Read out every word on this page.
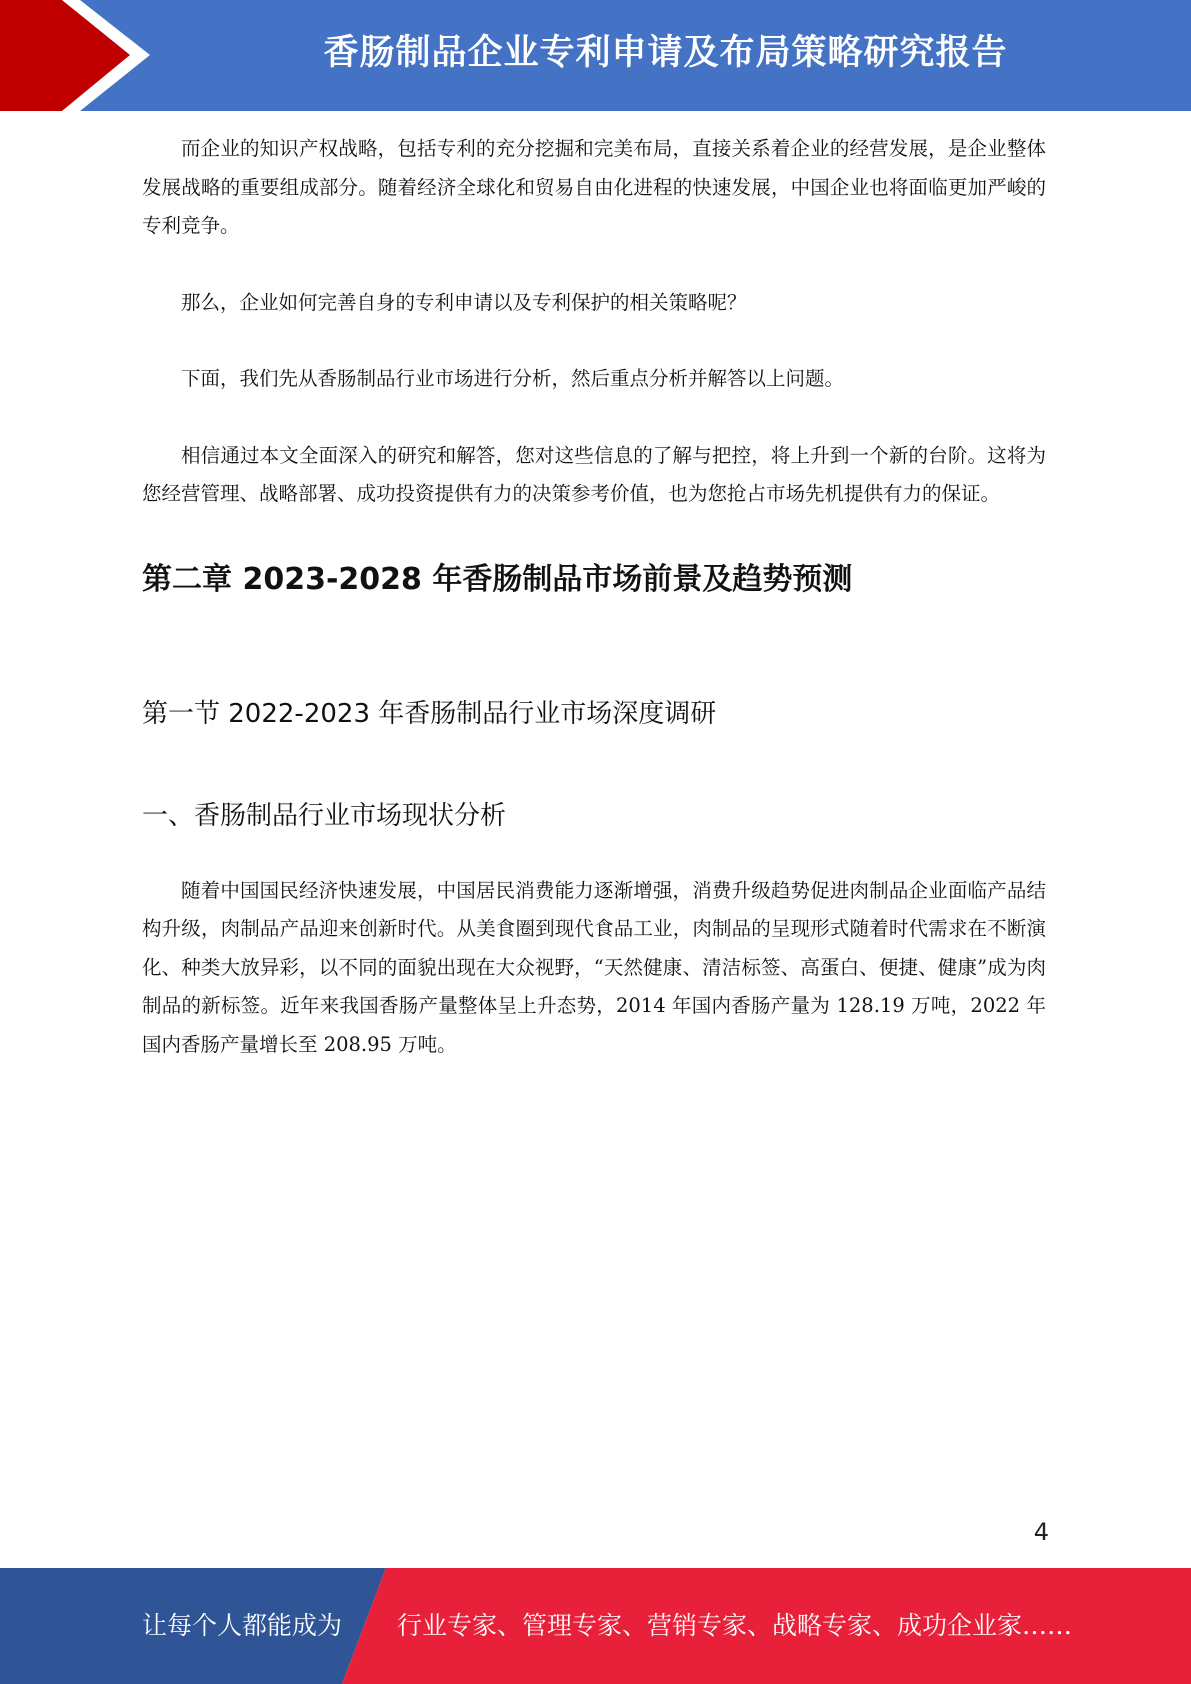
香肠制品企业专利申请及布局策略研究报告

而企业的知识产权战略，包括专利的充分挖掘和完美布局，直接关系着企业的经营发展，是企业整体发展战略的重要组成部分。随着经济全球化和贸易自由化进程的快速发展，中国企业也将面临更加严峻的专利竞争。

那么，企业如何完善自身的专利申请以及专利保护的相关策略呢？

下面，我们先从香肠制品行业市场进行分析，然后重点分析并解答以上问题。

相信通过本文全面深入的研究和解答，您对这些信息的了解与把控，将上升到一个新的台阶。这将为您经营管理、战略部署、成功投资提供有力的决策参考价值，也为您抢占市场先机提供有力的保证。

第二章 2023-2028 年香肠制品市场前景及趋势预测
第一节 2022-2023 年香肠制品行业市场深度调研
一、香肠制品行业市场现状分析

随着中国国民经济快速发展，中国居民消费能力逐渐增强，消费升级趋势促进肉制品企业面临产品结构升级，肉制品产品迎来创新时代。从美食圈到现代食品工业，肉制品的呈现形式随着时代需求在不断演化、种类大放异彩，以不同的面貌出现在大众视野，“天然健康、清洁标签、高蛋白、便捷、健康”成为肉制品的新标签。近年来我国香肠产量整体呈上升态势，2014 年国内香肠产量为 128.19 万吨，2022 年国内香肠产量增长至 208.95 万吨。

4
让每个人都能成为 行业专家、管理专家、营销专家、战略专家、成功企业家……
